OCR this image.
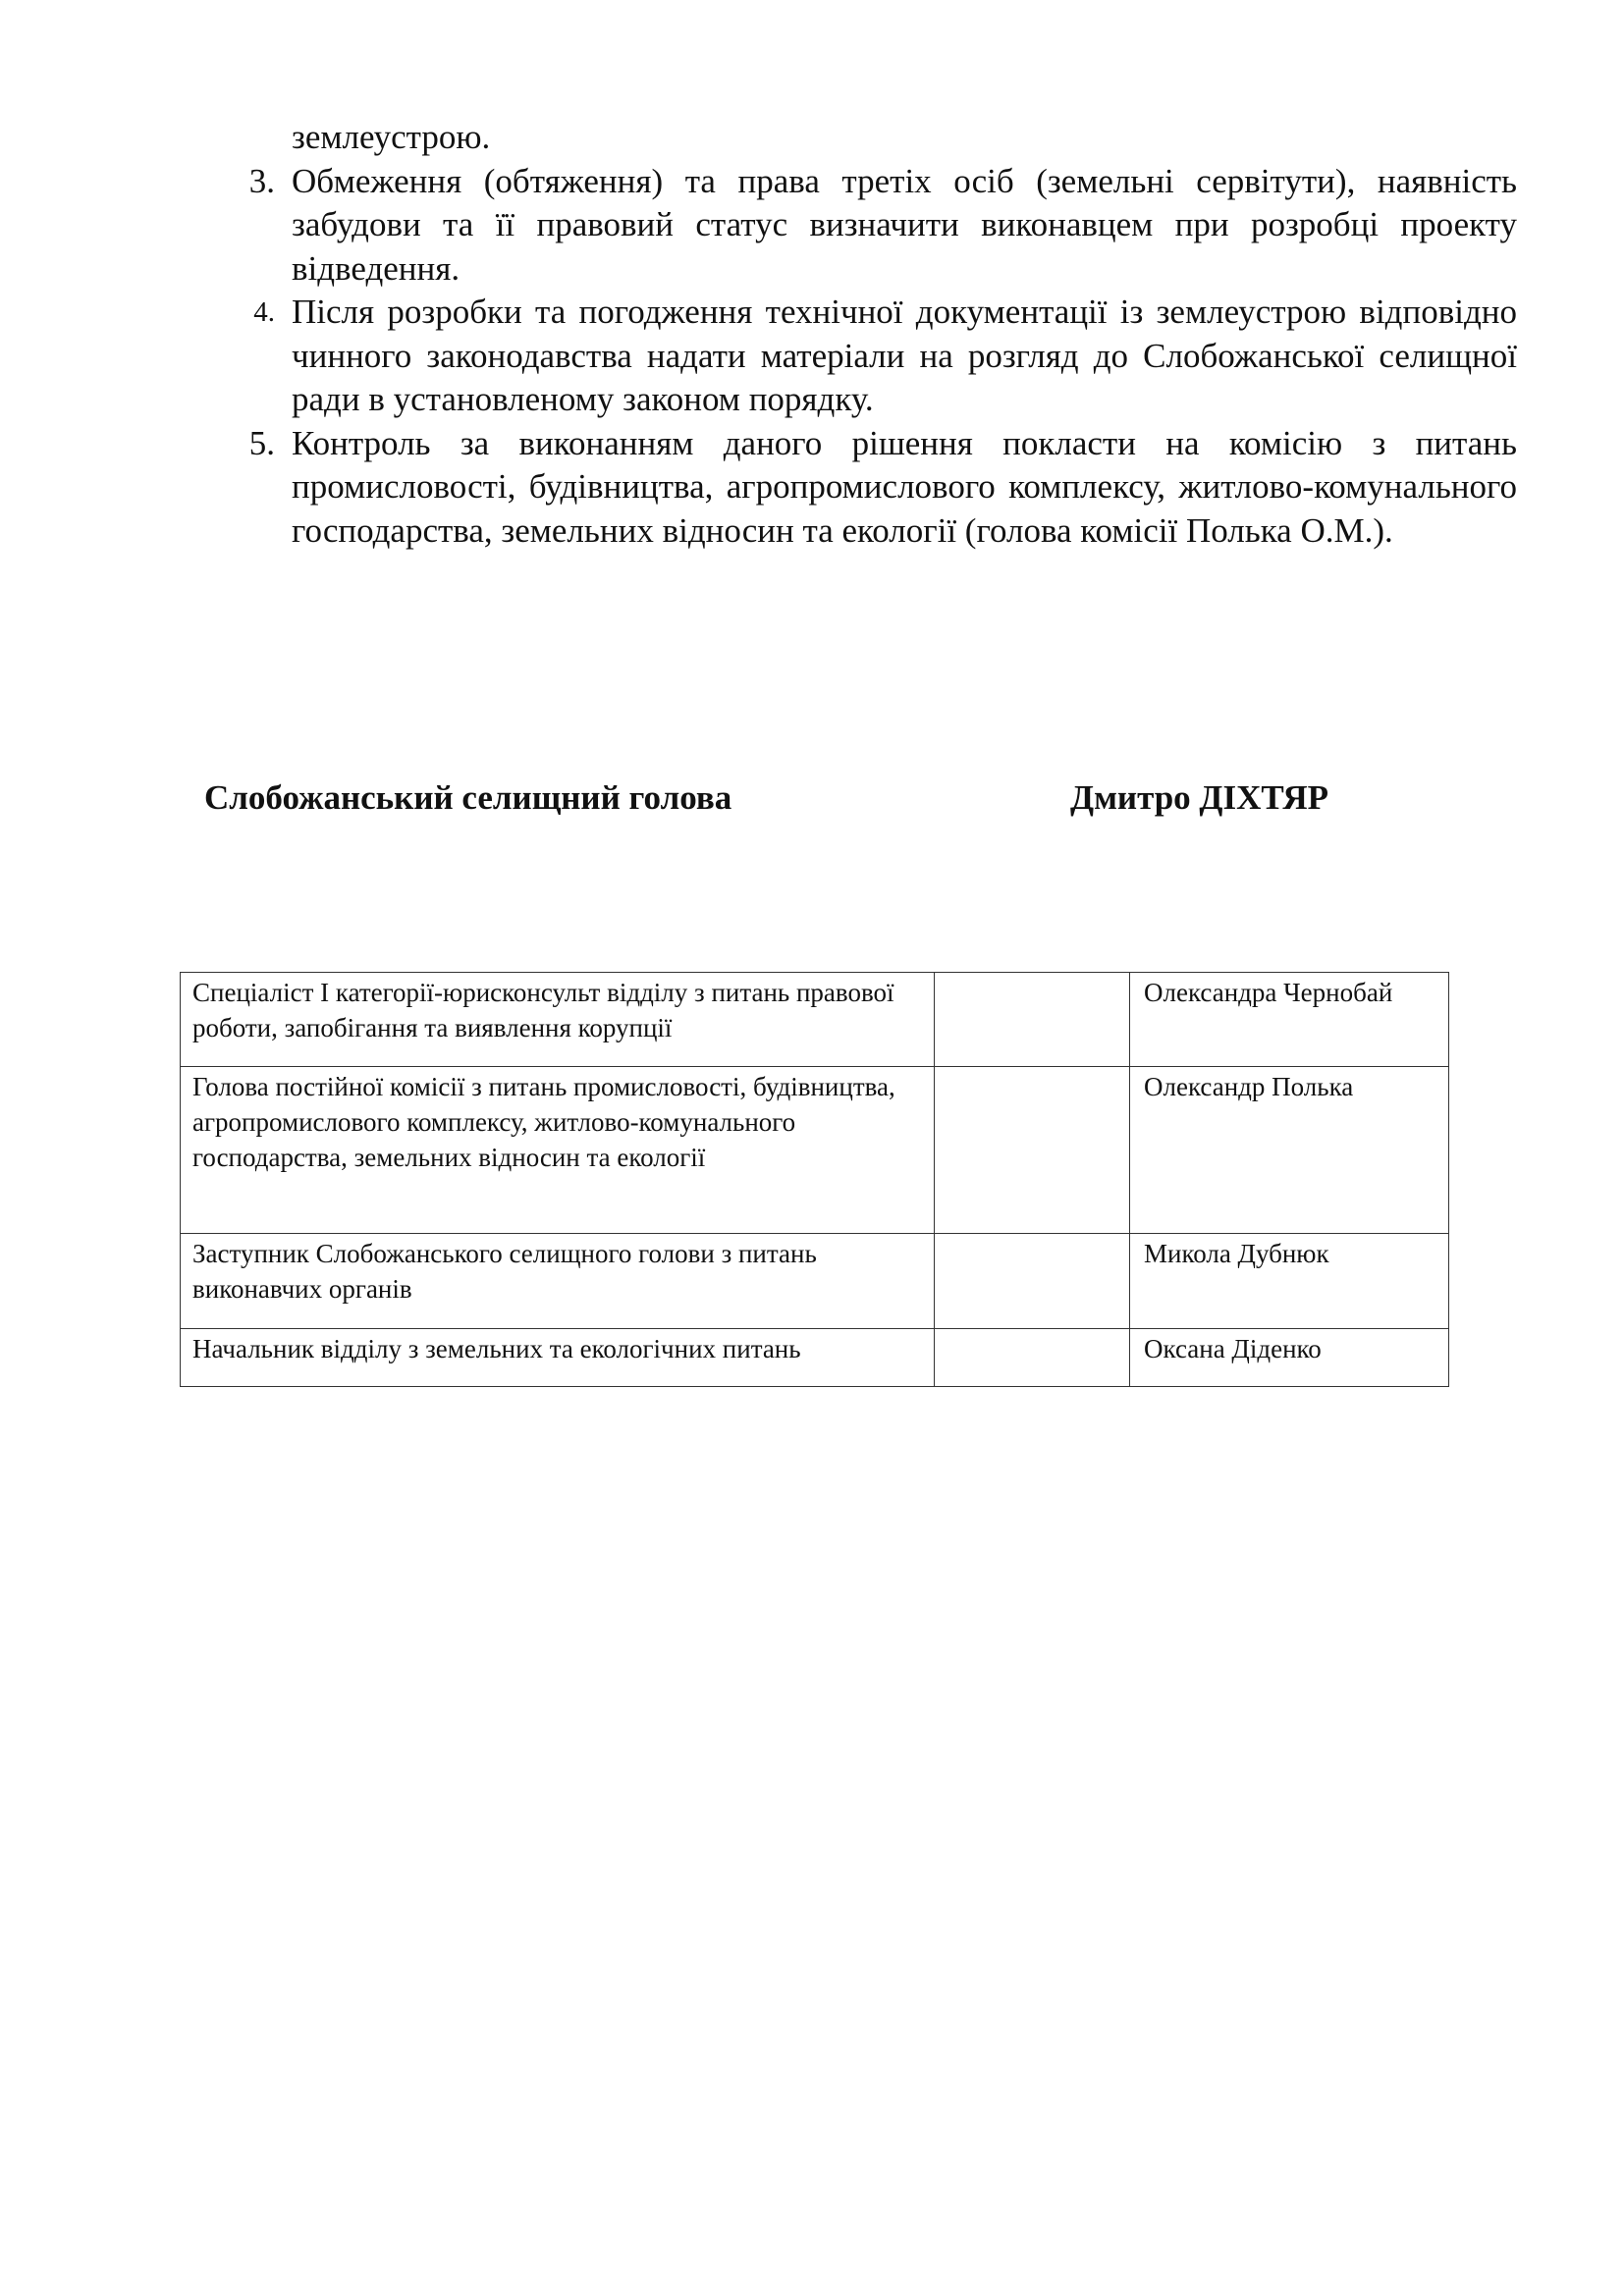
землеустрою.
3. Обмеження (обтяження) та права третіх осіб (земельні сервітути), наявність забудови та її правовий статус визначити виконавцем при розробці проекту відведення.
4. Після розробки та погодження технічної документації із землеустрою відповідно чинного законодавства надати матеріали на розгляд до Слобожанської селищної ради в установленому законом порядку.
5. Контроль за виконанням даного рішення покласти на комісію з питань промисловості, будівництва, агропромислового комплексу, житлово-комунального господарства, земельних відносин та екології (голова комісії Полька О.М.).
Слобожанський селищний голова	Дмитро ДІХТЯР
Спеціаліст I категорії-юрисконсульт відділу з питань правової роботи, запобігання та виявлення корупції		Олександра Чернобай
Голова постійної комісії з питань промисловості, будівництва, агропромислового комплексу, житлово-комунального господарства, земельних відносин та екології		Олександр Полька
Заступник Слобожанського селищного голови з питань виконавчих органів		Микола Дубнюк
Начальник відділу з земельних та екологічних питань		Оксана Діденко
